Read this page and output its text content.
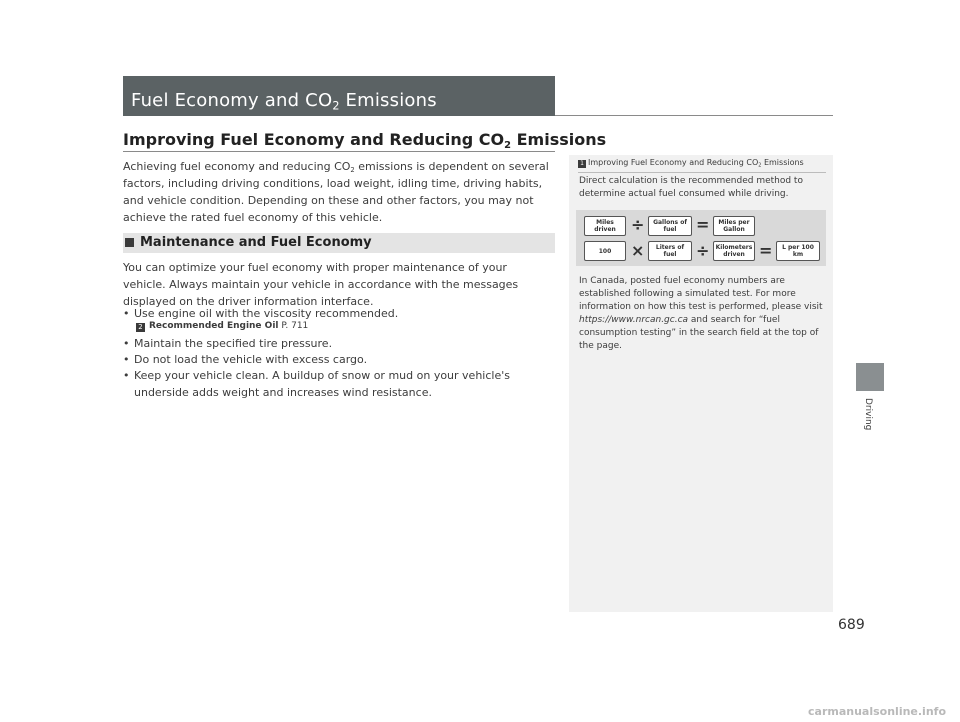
Fuel Economy and $CO_2$ Emissions
Improving Fuel Economy and Reducing $CO_2$ Emissions
Achieving fuel economy and reducing $CO_2$ emissions is dependent on several factors, including driving conditions, load weight, idling time, driving habits, and vehicle condition. Depending on these and other factors, you may not achieve the rated fuel economy of this vehicle.
Maintenance and Fuel Economy
You can optimize your fuel economy with proper maintenance of your vehicle. Always maintain your vehicle in accordance with the messages displayed on the driver information interface.
• Use engine oil with the viscosity recommended.
2 Recommended Engine Oil P. 711
• Maintain the specified tire pressure.
• Do not load the vehicle with excess cargo.
• Keep your vehicle clean. A buildup of snow or mud on your vehicle's underside adds weight and increases wind resistance.
1 Improving Fuel Economy and Reducing $CO_2$ Emissions
Direct calculation is the recommended method to determine actual fuel consumed while driving.
Miles driven ÷	Gallons of fuel	=	Miles per Gallon
100	×	Liters of fuel	÷	Kilometers driven =	L per 100 km
In Canada, posted fuel economy numbers are established following a simulated test. For more information on how this test is performed, please visit https://www.nrcan.gc.ca and search for “fuel consumption testing” in the search field at the top of the page.
Driving
689
carmanualsonline.info
